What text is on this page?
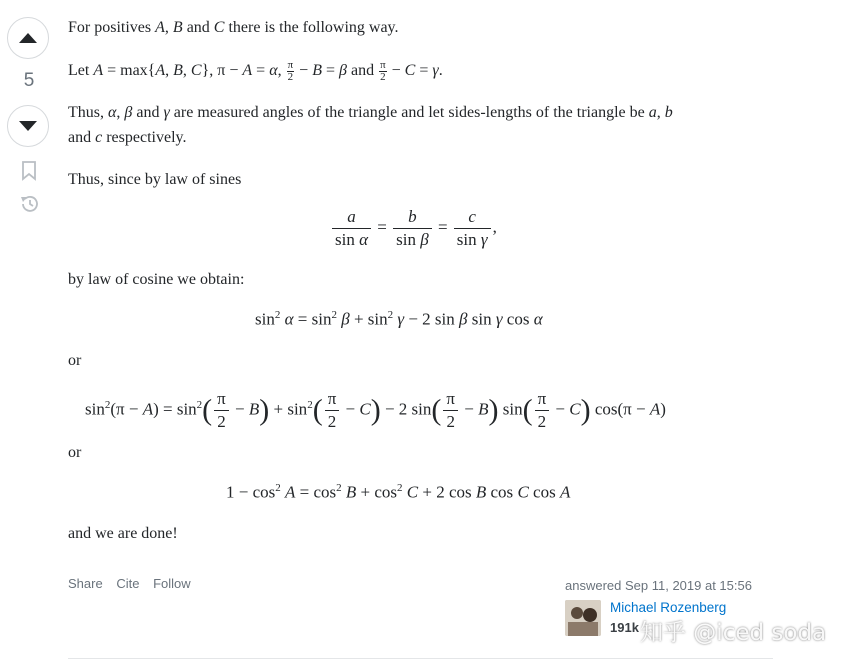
5
For positives A, B and C there is the following way.
Let A = max{A, B, C}, π − A = α, $\frac{\pi}{2} - B = \beta$ and $\frac{\pi}{2} - C = \gamma$.
Thus, α, β and γ are measured angles of the triangle and let sides-lengths of the triangle be a, b
and c respectively.
Thus, since by law of sines
by law of cosine we obtain:
or
or
and we are done!
$\frac{a}{\text{sin α}} = \frac{b}{\text{sin β}} = \frac{c}{\text{sin γ}}$ ,
$\sin^2 \alpha = \sin^2 \beta + \sin^2 \gamma - 2$ sin β sin γ cos α
$\sin^2(\pi - A) = \sin^2( \frac{\pi}{2} - B) + \sin^2( \frac{\pi}{2} - C) - 2$ $\sin( \frac{\pi}{2} - B)$ $\sin( \frac{\pi}{2} - C)$ cos(π − A)
$1 - \cos^2 A = \cos^2 B + \cos^2 C + 2$ cos B cos C cos A
Share Cite Follow	answered Sep 11, 2019 at 15:56
Michael Rozenberg
191k 知乎 @iced soda
